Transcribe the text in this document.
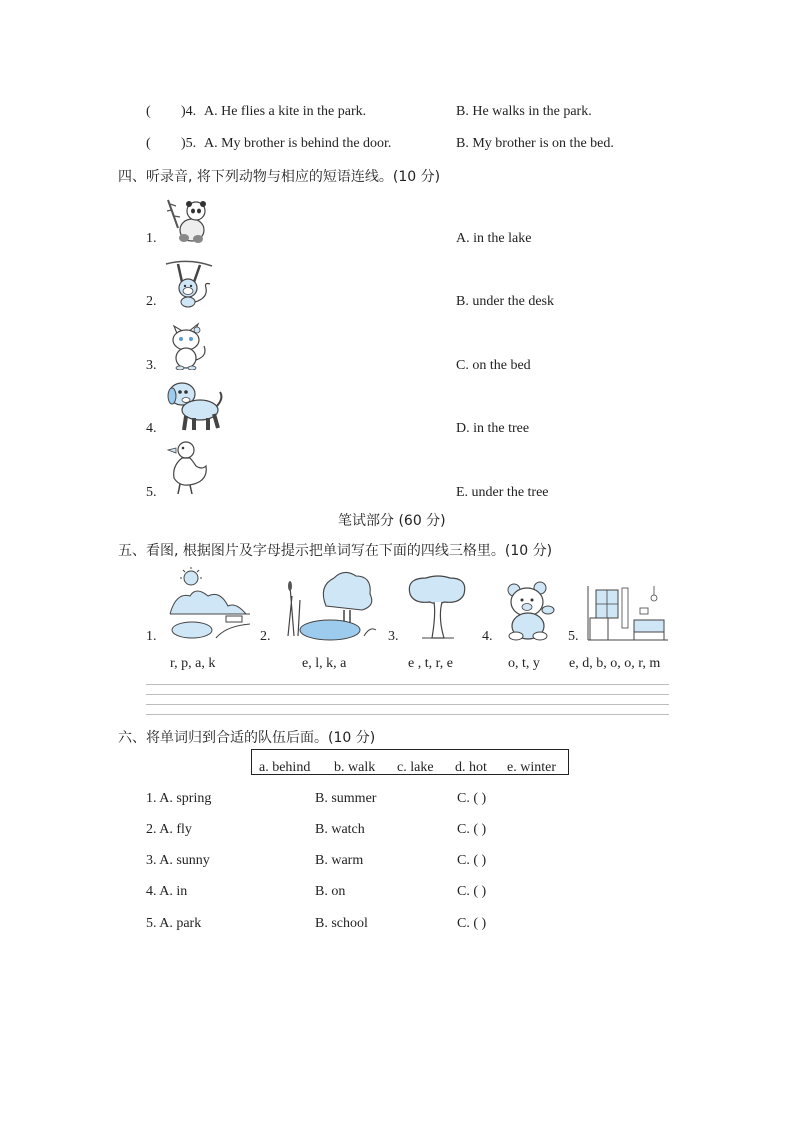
( )4. A. He flies a kite in the park.	B. He walks in the park.
( )5. A. My brother is behind the door.	B. My brother is on the bed.
四、听录音, 将下列动物与相应的短语连线。(10 分)
1.	A. in the lake
2.	B. under the desk
3.	C. on the bed
4.	D. in the tree
5.	E. under the tree
笔试部分 (60 分)
五、看图, 根据图片及字母提示把单词写在下面的四线三格里。(10 分)
1.
r, p, a, k
2.
e, l, k, a
3.
e , t, r, e
4.
o, t, y
5.
e, d, b, o, o, r, m
六、将单词归到合适的队伍后面。(10 分)
a. behind b. walk c. lake d. hot e. winter
1. A. spring	B. summer	C. ( )
2. A. fly	B. watch	C. ( )
3. A. sunny	B. warm	C. ( )
4. A. in	B. on	C. ( )
5. A. park	B. school	C. ( )
